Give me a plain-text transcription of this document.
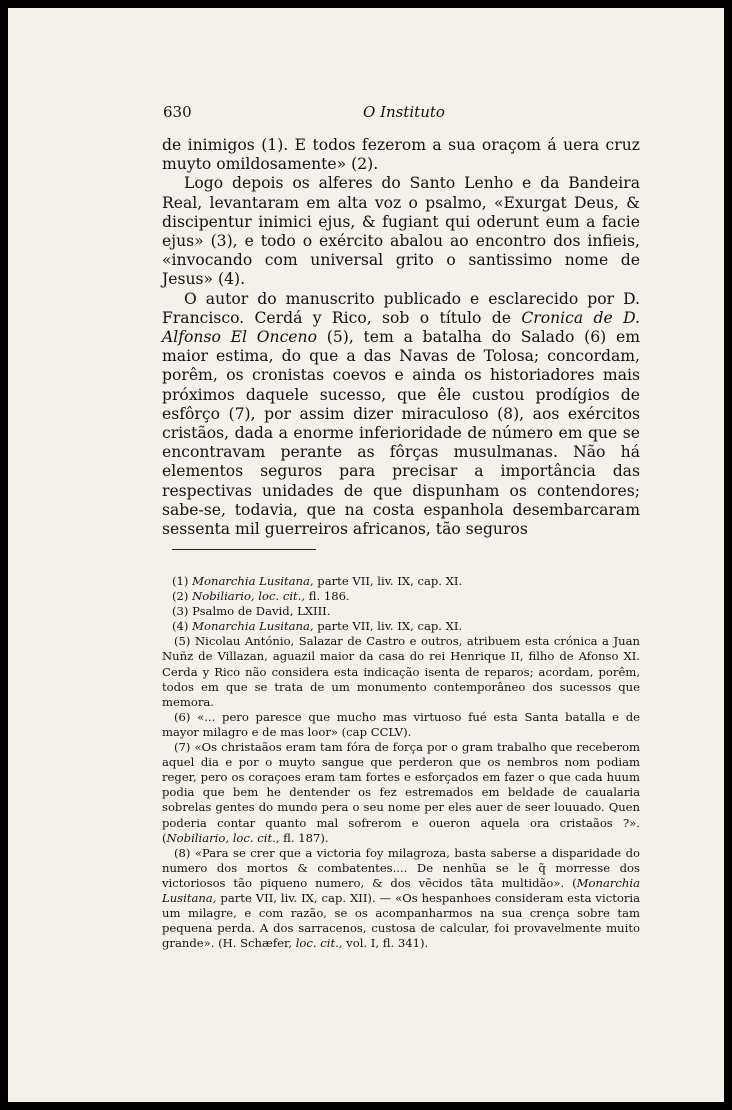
630	O Instituto

de inimigos (1). E todos fezerom a sua oraçom á uera cruz muyto omildosamente» (2).

Logo depois os alferes do Santo Lenho e da Bandeira Real, levantaram em alta voz o psalmo, «Exurgat Deus, & discipentur inimici ejus, & fugiant qui oderunt eum a facie ejus» (3), e todo o exército abalou ao encontro dos infieis, «invocando com universal grito o santissimo nome de Jesus» (4).

O autor do manuscrito publicado e esclarecido por D. Francisco. Cerdá y Rico, sob o título de Cronica de D. Alfonso El Onceno (5), tem a batalha do Salado (6) em maior estima, do que a das Navas de Tolosa; concordam, porêm, os cronistas coevos e ainda os historiadores mais próximos daquele sucesso, que êle custou prodígios de esfôrço (7), por assim dizer miraculoso (8), aos exércitos cristãos, dada a enorme inferioridade de número em que se encontravam perante as fôrças musulmanas. Não há elementos seguros para precisar a importância das respectivas unidades de que dispunham os contendores; sabe-se, todavia, que na costa espanhola desembarcaram sessenta mil guerreiros africanos, tão seguros

(1) Monarchia Lusitana, parte VII, liv. IX, cap. XI.

(2) Nobiliario, loc. cit., fl. 186.

(3) Psalmo de David, LXIII.

(4) Monarchia Lusitana, parte VII, liv. IX, cap. XI.

(5) Nicolau António, Salazar de Castro e outros, atribuem esta crónica a Juan Nuñz de Villazan, aguazil maior da casa do rei Henrique II, filho de Afonso XI. Cerda y Rico não considera esta indicação isenta de reparos; acordam, porêm, todos em que se trata de um monumento contemporâneo dos sucessos que memora.

(6) «... pero paresce que mucho mas virtuoso fué esta Santa batalla e de mayor milagro e de mas loor» (cap CCLV).

(7) «Os christaãos eram tam fóra de força por o gram trabalho que receberom aquel dia e por o muyto sangue que perderon que os nembros nom podiam reger, pero os coraçoes eram tam fortes e esforçados em fazer o que cada huum podia que bem he dentender os fez estremados em beldade de caualaria sobrelas gentes do mundo pera o seu nome per eles auer de seer louuado. Quen poderia contar quanto mal sofrerom e oueron aquela ora cristaãos ?». (Nobiliario, loc. cit., fl. 187).

(8) «Para se crer que a victoria foy milagroza, basta saberse a disparidade do numero dos mortos & combatentes.... De nenhũa se le q̃ morresse dos victoriosos tão piqueno numero, & dos vẽcidos tãta multidão». (Monarchia Lusitana, parte VII, liv. IX, cap. XII). — «Os hespanhoes consideram esta victoria um milagre, e com razão, se os acompanharmos na sua crença sobre tam pequena perda. A dos sarracenos, custosa de calcular, foi provavelmente muito grande». (H. Schæfer, loc. cit., vol. I, fl. 341).
